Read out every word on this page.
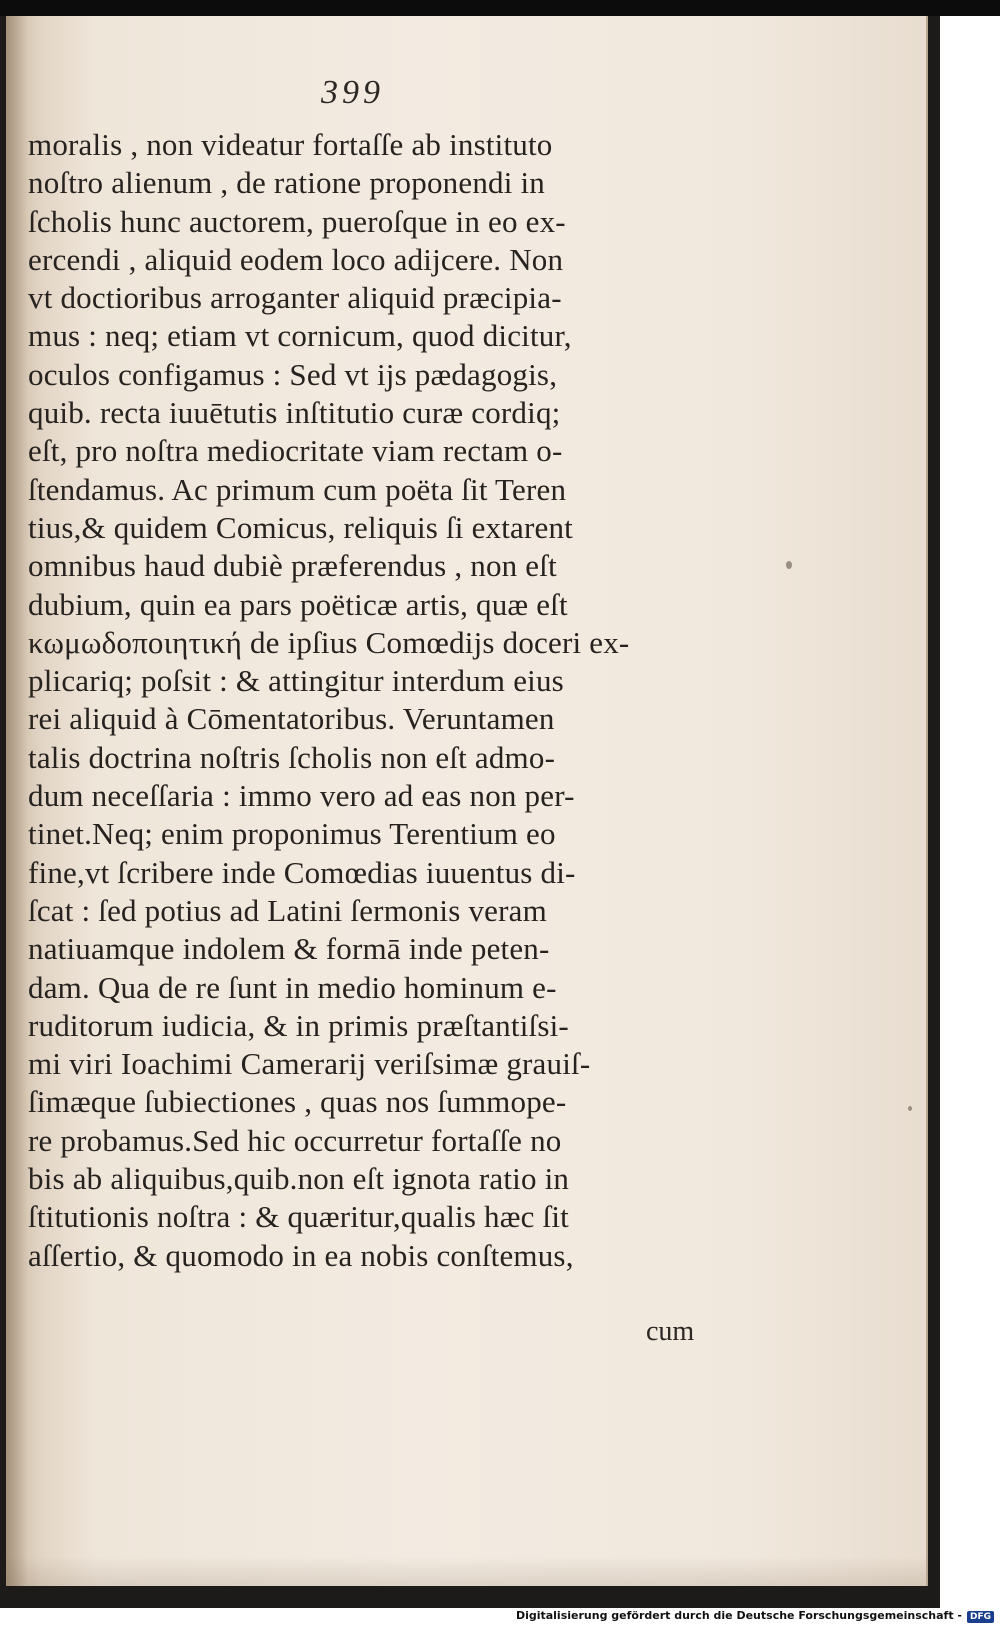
399
moralis , non videatur fortaſſe ab instituto
noſtro alienum , de ratione proponendi in
ſcholis hunc auctorem, pueroſque in eo ex-
ercendi , aliquid eodem loco adijcere. Non
vt doctioribus arroganter aliquid præcipia-
mus : neq; etiam vt cornicum, quod dicitur,
oculos configamus : Sed vt ijs pædagogis,
quib. recta iuuētutis inſtitutio curæ cordiq;
eſt, pro noſtra mediocritate viam rectam o-
ſtendamus. Ac primum cum poëta ſit Teren
tius,& quidem Comicus, reliquis ſi extarent
omnibus haud dubiè præferendus , non eſt
dubium, quin ea pars poëticæ artis, quæ eſt
κωμωδοποιητική de ipſius Comœdijs doceri ex-
plicariq; poſsit : & attingitur interdum eius
rei aliquid à Cōmentatoribus. Veruntamen
talis doctrina noſtris ſcholis non eſt admo-
dum neceſſaria : immo vero ad eas non per-
tinet.Neq; enim proponimus Terentium eo
fine,vt ſcribere inde Comœdias iuuentus di-
ſcat : ſed potius ad Latini ſermonis veram
natiuamque indolem & formā inde peten-
dam. Qua de re ſunt in medio hominum e-
ruditorum iudicia, & in primis præſtantiſsi-
mi viri Ioachimi Camerarij veriſsimæ grauiſ-
ſimæque ſubiectiones , quas nos ſummope-
re probamus.Sed hic occurretur fortaſſe no
bis ab aliquibus,quib.non eſt ignota ratio in
ſtitutionis noſtra : & quæritur,qualis hæc ſit
aſſertio, & quomodo in ea nobis conſtemus,
cum
Digitalisierung gefördert durch die Deutsche Forschungsgemeinschaft - DFG
